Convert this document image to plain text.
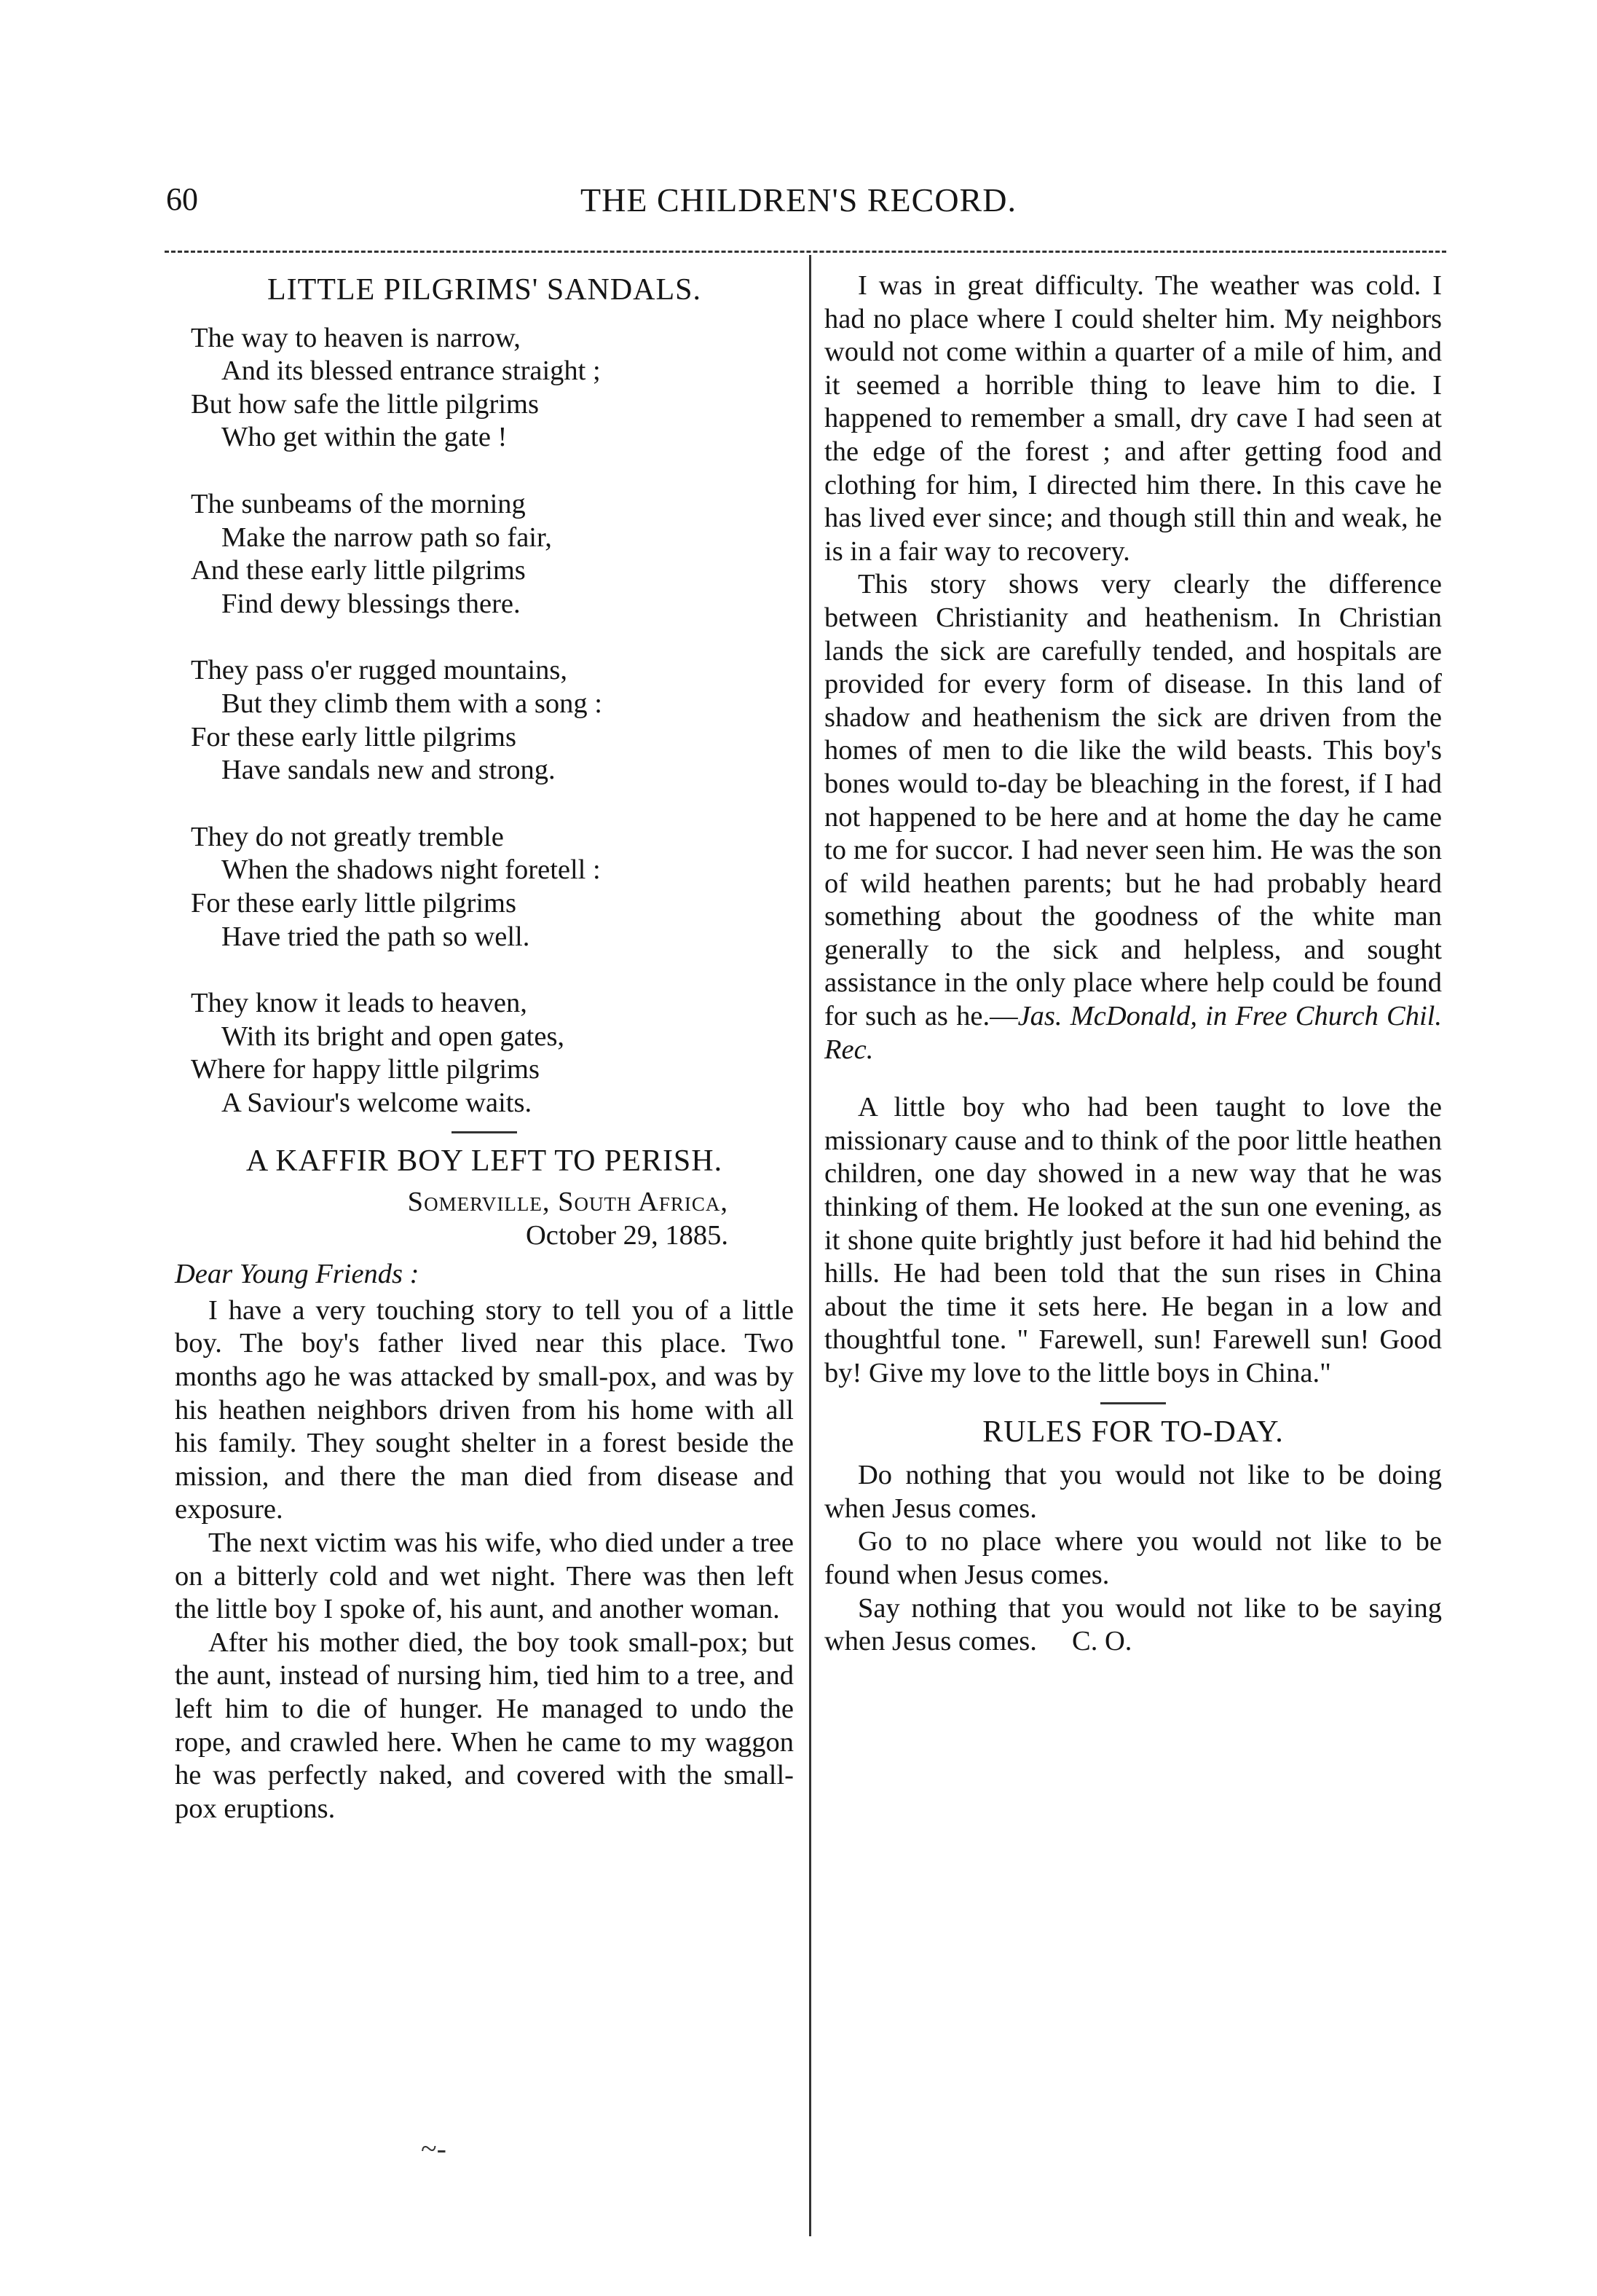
60	THE CHILDREN'S RECORD.
LITTLE PILGRIMS' SANDALS.
The way to heaven is narrow,
And its blessed entrance straight ;
But how safe the little pilgrims
Who get within the gate !
The sunbeams of the morning
Make the narrow path so fair,
And these early little pilgrims
Find dewy blessings there.
They pass o'er rugged mountains,
But they climb them with a song :
For these early little pilgrims
Have sandals new and strong.
They do not greatly tremble
When the shadows night foretell :
For these early little pilgrims
Have tried the path so well.
They know it leads to heaven,
With its bright and open gates,
Where for happy little pilgrims
A Saviour's welcome waits.
A KAFFIR BOY LEFT TO PERISH.
Somerville, South Africa,
October 29, 1885.
Dear Young Friends :
I have a very touching story to tell you of a little boy. The boy's father lived near this place. Two months ago he was attacked by small-pox, and was by his heathen neighbors driven from his home with all his family. They sought shelter in a forest beside the mission, and there the man died from disease and exposure.
The next victim was his wife, who died under a tree on a bitterly cold and wet night. There was then left the little boy I spoke of, his aunt, and another woman.
After his mother died, the boy took small-pox; but the aunt, instead of nursing him, tied him to a tree, and left him to die of hunger. He managed to undo the rope, and crawled here. When he came to my waggon he was perfectly naked, and covered with the small-pox eruptions.
I was in great difficulty. The weather was cold. I had no place where I could shelter him. My neighbors would not come within a quarter of a mile of him, and it seemed a horrible thing to leave him to die. I happened to remember a small, dry cave I had seen at the edge of the forest ; and after getting food and clothing for him, I directed him there. In this cave he has lived ever since; and though still thin and weak, he is in a fair way to recovery.
This story shows very clearly the difference between Christianity and heathenism. In Christian lands the sick are carefully tended, and hospitals are provided for every form of disease. In this land of shadow and heathenism the sick are driven from the homes of men to die like the wild beasts. This boy's bones would to-day be bleaching in the forest, if I had not happened to be here and at home the day he came to me for succor. I had never seen him. He was the son of wild heathen parents; but he had probably heard something about the goodness of the white man generally to the sick and helpless, and sought assistance in the only place where help could be found for such as he.—Jas. McDonald, in Free Church Chil. Rec.
A little boy who had been taught to love the missionary cause and to think of the poor little heathen children, one day showed in a new way that he was thinking of them. He looked at the sun one evening, as it shone quite brightly just before it had hid behind the hills. He had been told that the sun rises in China about the time it sets here. He began in a low and thoughtful tone. " Farewell, sun! Farewell sun! Good by! Give my love to the little boys in China."
RULES FOR TO-DAY.
Do nothing that you would not like to be doing when Jesus comes.
Go to no place where you would not like to be found when Jesus comes.
Say nothing that you would not like to be saying when Jesus comes. C. O.
~-
